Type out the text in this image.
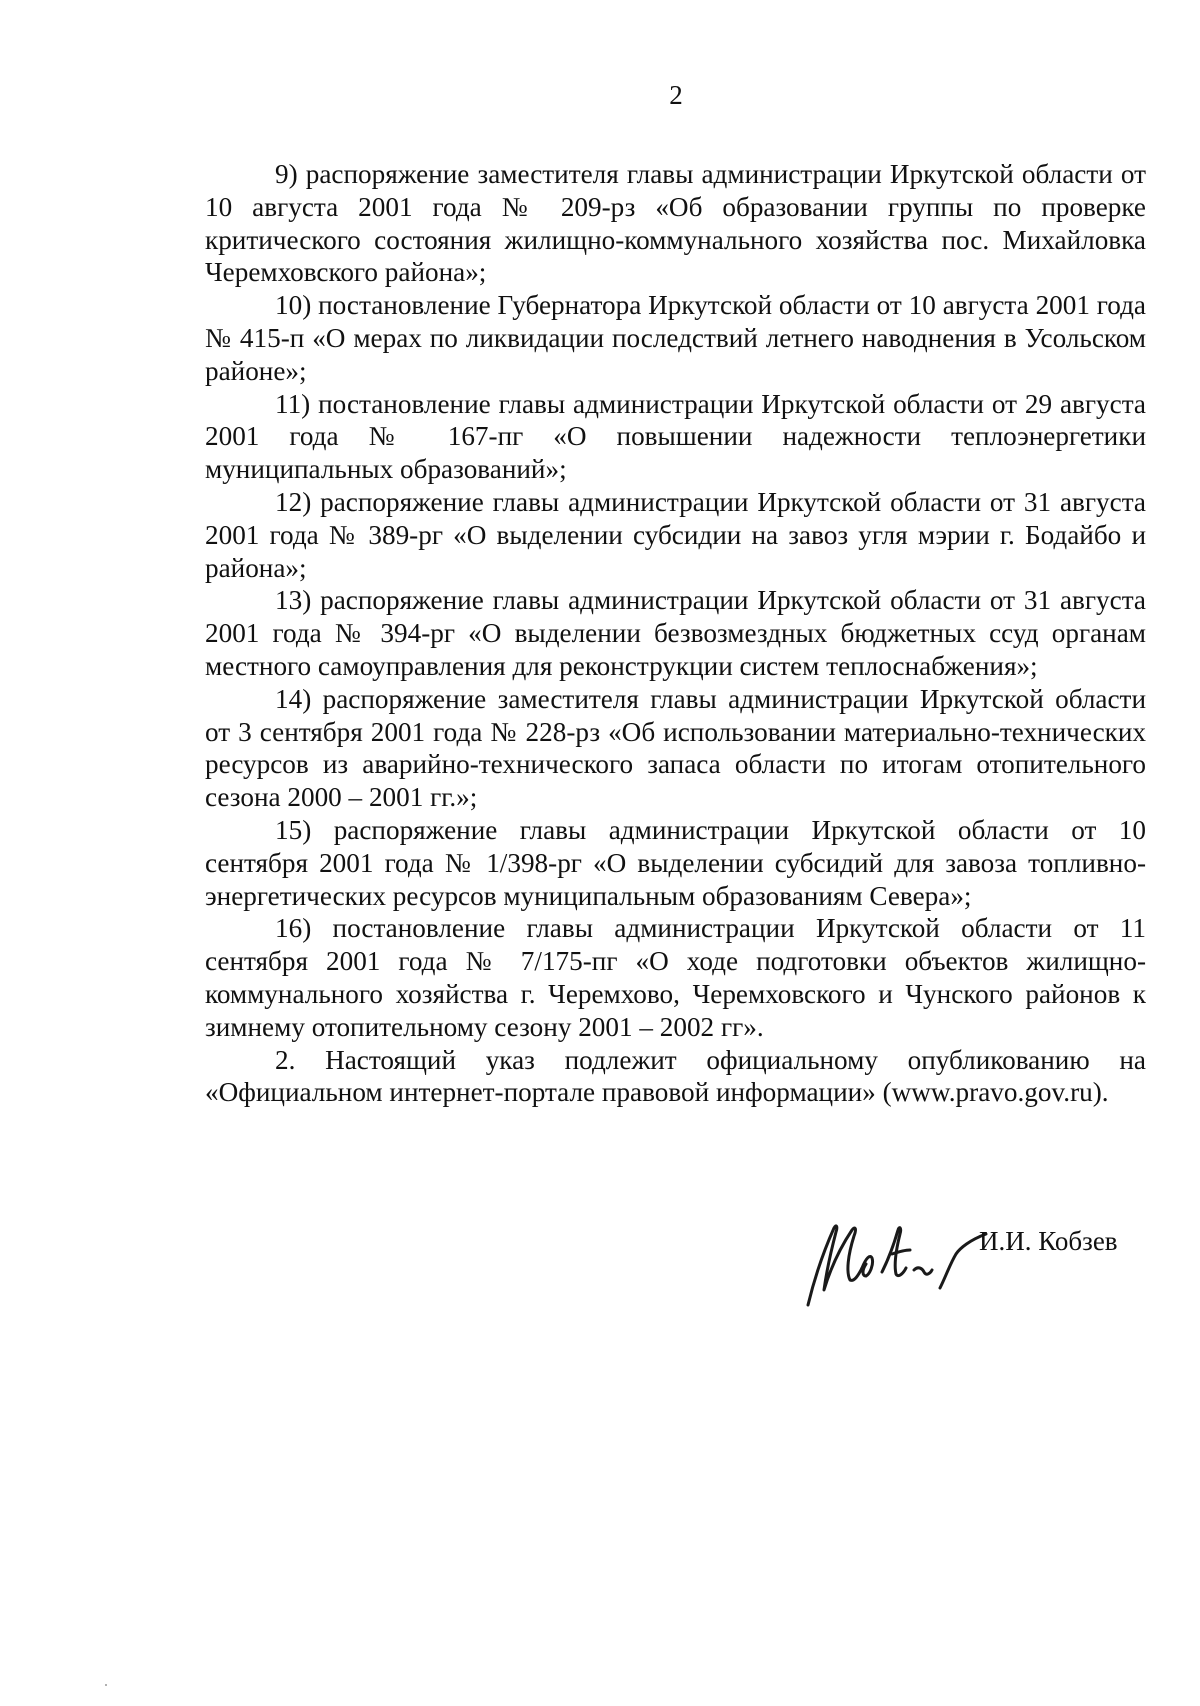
2

9) распоряжение заместителя главы администрации Иркутской области от 10 августа 2001 года № 209-рз «Об образовании группы по проверке критического состояния жилищно-коммунального хозяйства пос. Михайловка Черемховского района»;

10) постановление Губернатора Иркутской области от 10 августа 2001 года № 415-п «О мерах по ликвидации последствий летнего наводнения в Усольском районе»;

11) постановление главы администрации Иркутской области от 29 августа 2001 года № 167-пг «О повышении надежности теплоэнергетики муниципальных образований»;

12) распоряжение главы администрации Иркутской области от 31 августа 2001 года № 389-рг «О выделении субсидии на завоз угля мэрии г. Бодайбо и района»;

13) распоряжение главы администрации Иркутской области от 31 августа 2001 года № 394-рг «О выделении безвозмездных бюджетных ссуд органам местного самоуправления для реконструкции систем теплоснабжения»;

14) распоряжение заместителя главы администрации Иркутской области от 3 сентября 2001 года № 228-рз «Об использовании материально-технических ресурсов из аварийно-технического запаса области по итогам отопительного сезона 2000 – 2001 гг.»;

15) распоряжение главы администрации Иркутской области от 10 сентября 2001 года № 1/398-рг «О выделении субсидий для завоза топливно-энергетических ресурсов муниципальным образованиям Севера»;

16) постановление главы администрации Иркутской области от 11 сентября 2001 года № 7/175-пг «О ходе подготовки объектов жилищно-коммунального хозяйства г. Черемхово, Черемховского и Чунского районов к зимнему отопительному сезону 2001 – 2002 гг».

2. Настоящий указ подлежит официальному опубликованию на «Официальном интернет-портале правовой информации» (www.pravo.gov.ru).

И.И. Кобзев
